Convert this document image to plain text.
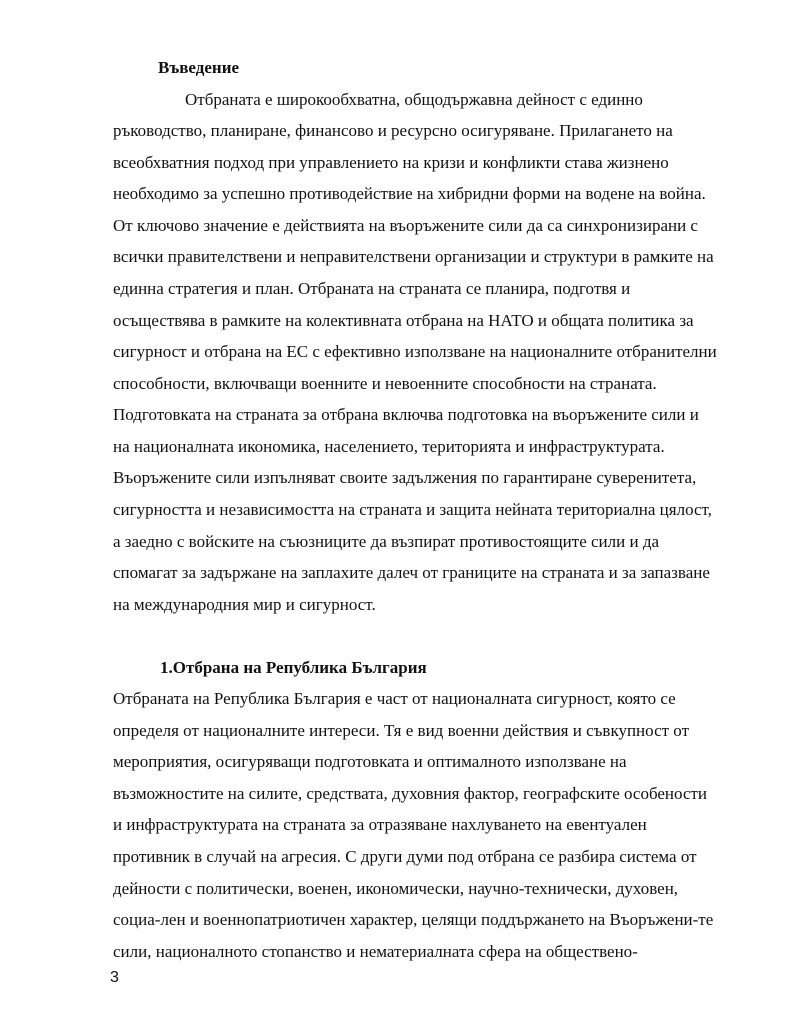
Въведение
Отбраната е широкообхватна, общодържавна дейност с единно
ръководство, планиране, финансово и ресурсно осигуряване. Прилагането на
всеобхватния подход при управлението на кризи и конфликти става жизнено
необходимо за успешно противодействие на хибридни форми на водене на война.
От ключово значение е действията на въоръжените сили да са синхронизирани с
всички правителствени и неправителствени организации и структури в рамките на
единна стратегия и план. Отбраната на страната се планира, подготвя и
осъществява в рамките на колективната отбрана на НАТО и общата политика за
сигурност и отбрана на ЕС с ефективно използване на националните отбранителни
способности, включващи военните и невоенните способности на страната.
Подготовката на страната за отбрана включва подготовка на въоръжените сили и
на националната икономика, населението, територията и инфраструктурата.
Въоръжените сили изпълняват своите задължения по гарантиране суверенитета,
сигурността и независимостта на страната и защита нейната териториална цялост,
а заедно с войските на съюзниците да възпират противостоящите сили и да
спомагат за задържане на заплахите далеч от границите на страната и за запазване
на международния мир и сигурност.
1.Отбрана на Република България
Отбраната на Република България е част от националната сигурност, която се
определя от националните интереси. Тя е вид военни действия и съвкупност от
мероприятия, осигуряващи подготовката и оптималното използване на
възможностите на силите, средствата, духовния фактор, географските особености
и инфраструктурата на страната за отразяване нахлуването на евентуален
противник в случай на агресия. С други думи под отбрана се разбира система от
дейности с политически, военен, икономически, научно-технически, духовен,
социа-лен и военнопатриотичен характер, целящи поддържането на Въоръжени-те
сили, националното стопанство и нематериалната сфера на обществено-
3
